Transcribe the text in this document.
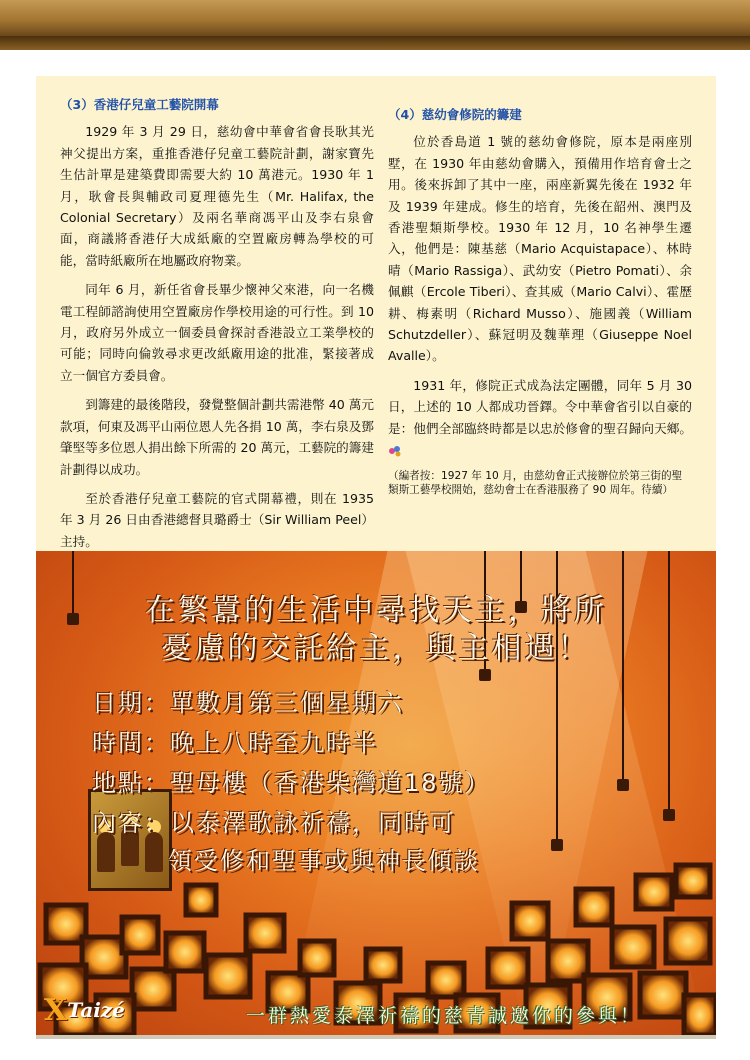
（3）香港仔兒童工藝院開幕

1929 年 3 月 29 日，慈幼會中華會省會長耿其光神父提出方案，重推香港仔兒童工藝院計劃，謝家寶先生估計單是建築費即需要大約 10 萬港元。1930 年 1 月，耿會長與輔政司夏理德先生（Mr. Halifax, the Colonial Secretary）及兩名華商馮平山及李右泉會面，商議將香港仔大成紙廠的空置廠房轉為學校的可能，當時紙廠所在地屬政府物業。

同年 6 月，新任省會長畢少懷神父來港，向一名機電工程師諮詢使用空置廠房作學校用途的可行性。到 10 月，政府另外成立一個委員會探討香港設立工業學校的可能；同時向倫敦尋求更改紙廠用途的批准，緊接著成立一個官方委員會。

到籌建的最後階段，發覺整個計劃共需港幣 40 萬元款項，何東及馮平山兩位恩人先各捐 10 萬，李右泉及鄧肇堅等多位恩人捐出餘下所需的 20 萬元，工藝院的籌建計劃得以成功。

至於香港仔兒童工藝院的官式開幕禮，則在 1935 年 3 月 26 日由香港總督貝璐爵士（Sir William Peel）主持。

（4）慈幼會修院的籌建

位於香島道 1 號的慈幼會修院，原本是兩座別墅，在 1930 年由慈幼會購入，預備用作培育會士之用。後來拆卸了其中一座，兩座新翼先後在 1932 年及 1939 年建成。修生的培育，先後在韶州、澳門及香港聖類斯學校。1930 年 12 月，10 名神學生遷入，他們是：陳基慈（Mario Acquistapace）、林時晴（Mario Rassiga）、武幼安（Pietro Pomati）、余佩麒（Ercole Tiberi）、查其威（Mario Calvi）、霍歷耕、梅素明（Richard Musso）、施國義（William Schutzdeller）、蘇冠明及魏華理（Giuseppe Noel Avalle）。

1931 年，修院正式成為法定團體，同年 5 月 30 日，上述的 10 人都成功晉鐸。令中華會省引以自豪的是：他們全部臨終時都是以忠於修會的聖召歸向天鄉。

（編者按：1927 年 10 月，由慈幼會正式接辦位於第三街的聖類斯工藝學校開始，慈幼會士在香港服務了 90 周年。待續）
在繁囂的生活中尋找天主，將所
憂慮的交託給主，與主相遇！
日期：單數月第三個星期六
時間：晚上八時至九時半
地點：聖母樓（香港柴灣道18號）
內容：以泰澤歌詠祈禱，同時可
領受修和聖事或與神長傾談
XTaizé	一群熱愛泰澤祈禱的慈青誠邀你的參與！
